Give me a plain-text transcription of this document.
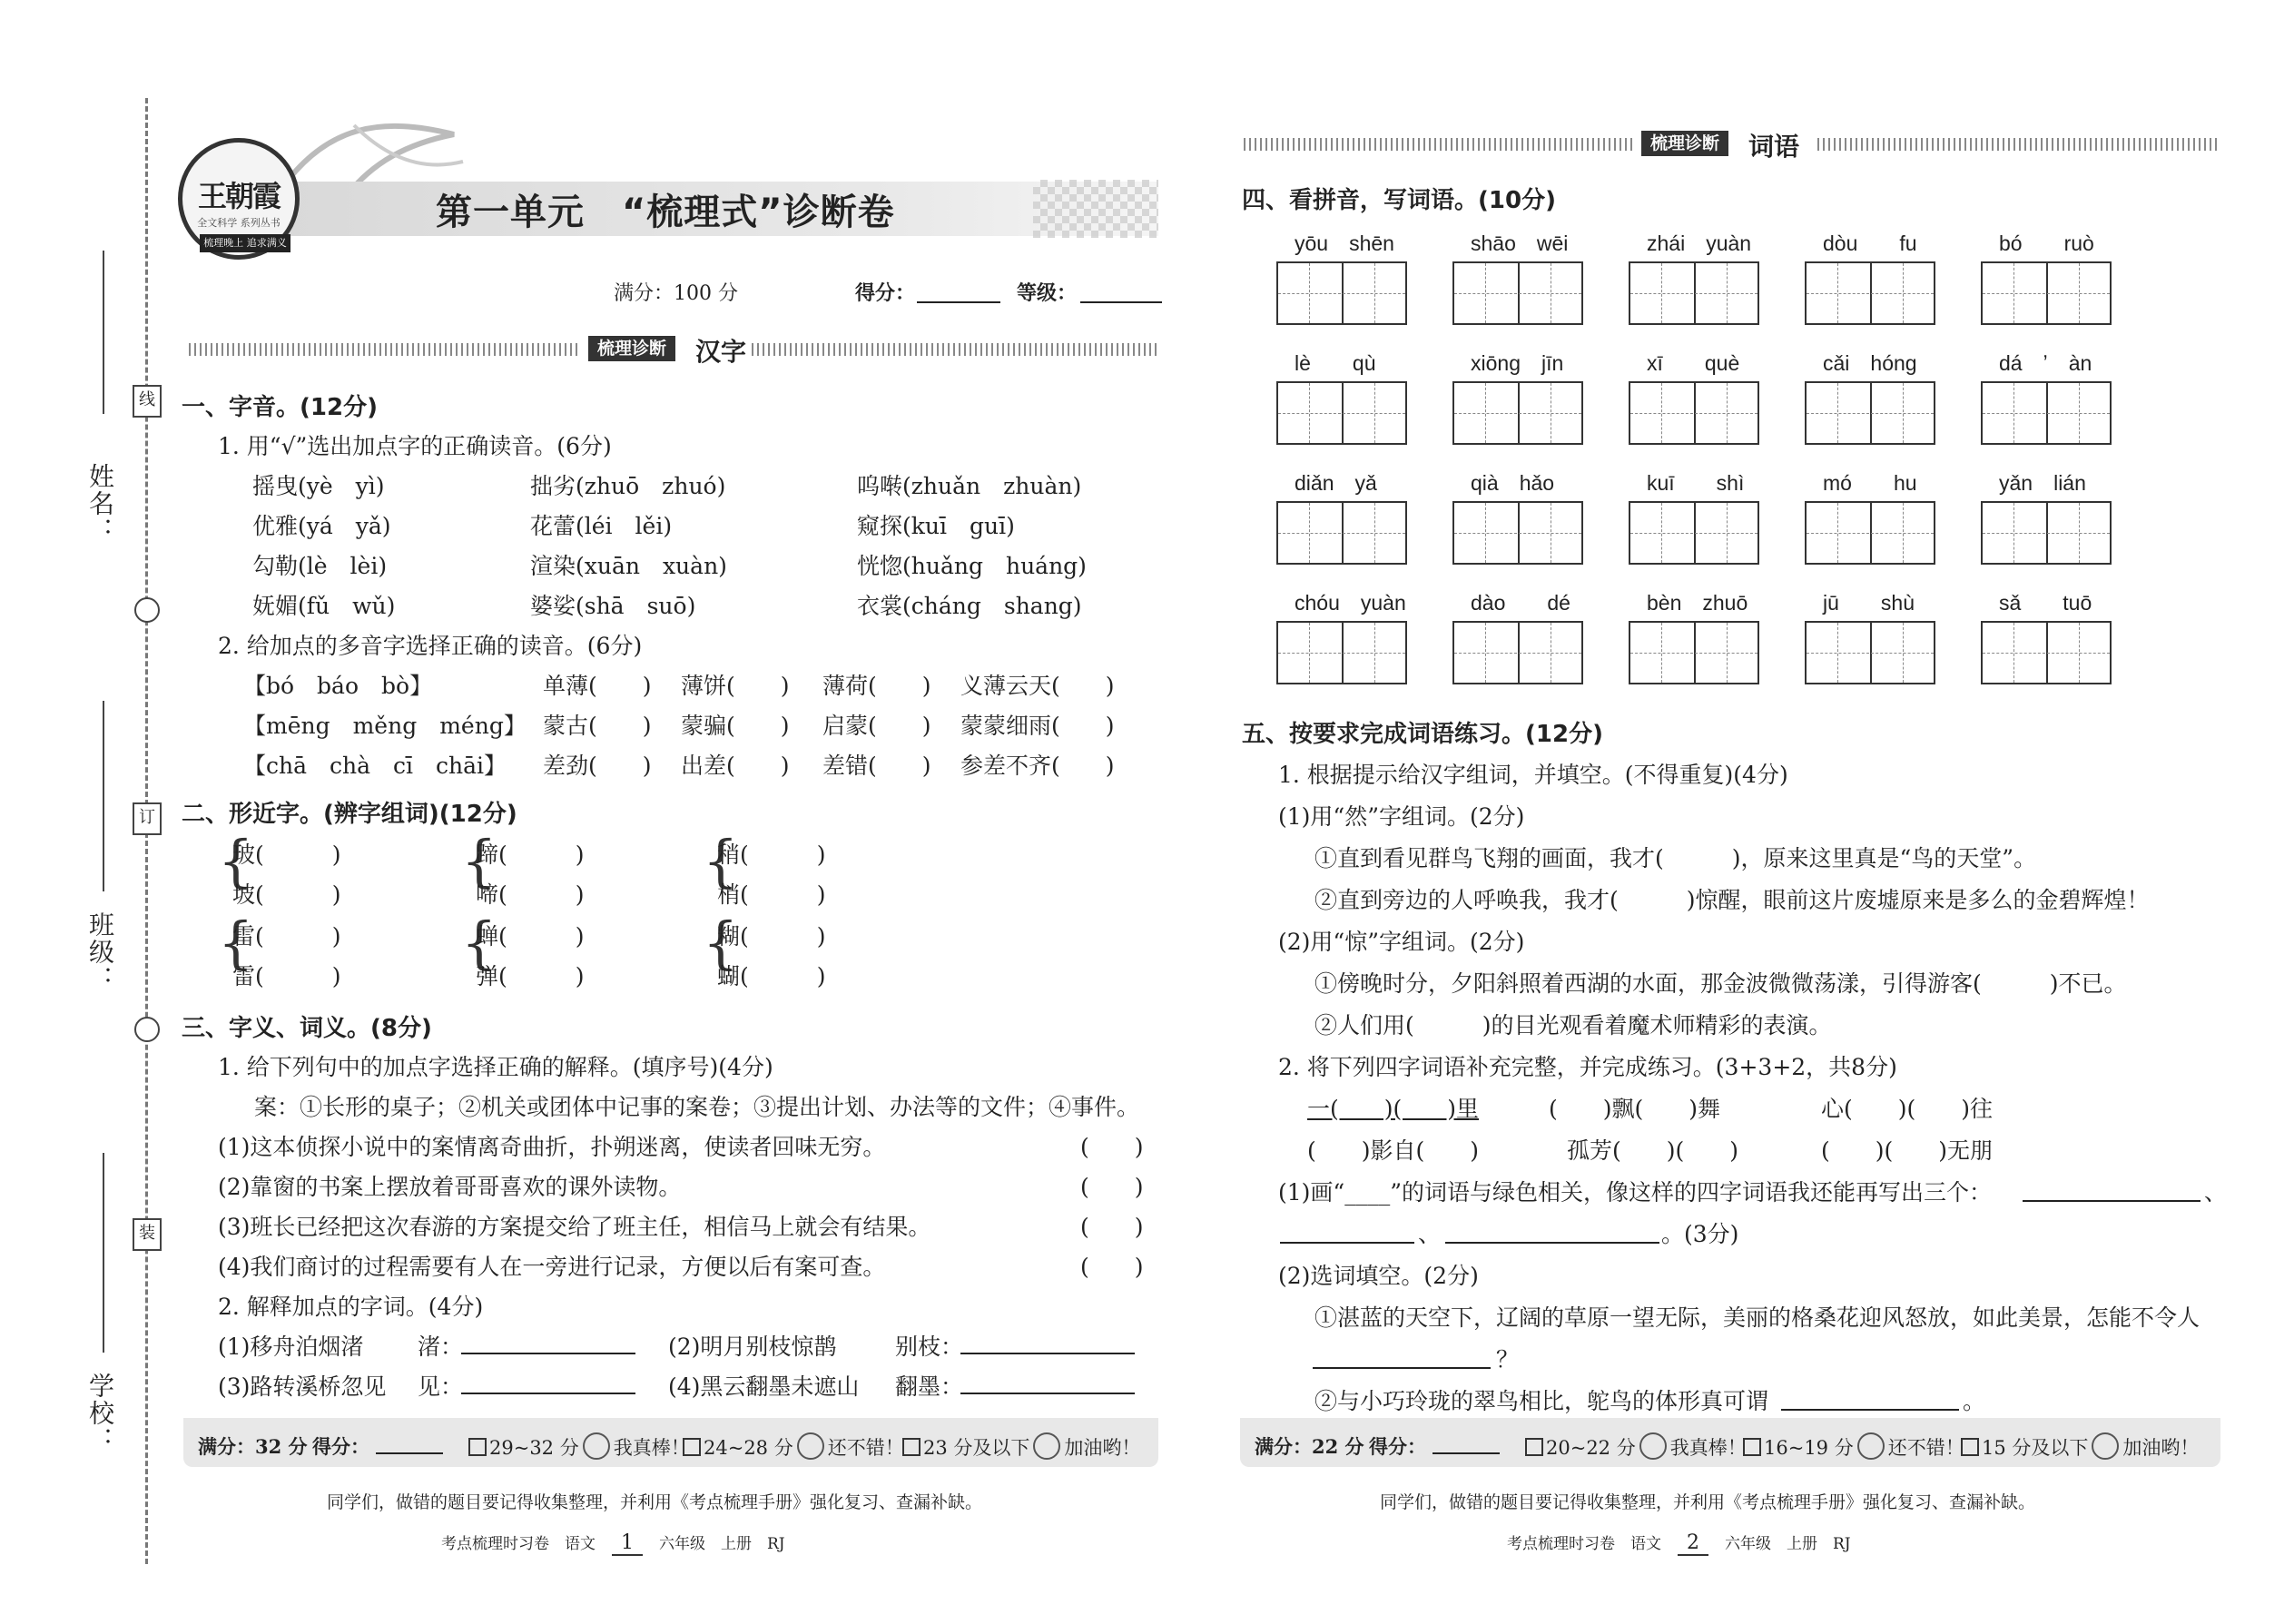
姓名：
班级：
学校：
线
订
装
王朝霞
全文科学 系列丛书
梳理晚上 追求满义
第一单元　“梳理式”诊断卷
满分：100 分	得分：	等级：
梳理诊断	汉字
一、字音。(12分)
1. 用“√”选出加点字的正确读音。(6分)
摇曳(yè　yì)	拙劣(zhuō　zhuó)	呜啭(zhuǎn　zhuàn)
优雅(yá　yǎ)	花蕾(léi　lěi)	窥探(kuī　guī)
勾勒(lè　lèi)	渲染(xuān　xuàn)	恍惚(huǎng　huáng)
妩媚(fǔ　wǔ)	婆娑(shā　suō)	衣裳(cháng　shang)
2. 给加点的多音字选择正确的读音。(6分)
【bó　báo　bò】	单薄(　　) 薄饼(　　) 薄荷(　　) 义薄云天(　　)
【mēng　měng　méng】 蒙古(　　) 蒙骗(　　) 启蒙(　　) 蒙蒙细雨(　　)
【chā　chà　cī　chāi】 差劲(　　) 出差(　　) 差错(　　) 参差不齐(　　)
二、形近字。(辨字组词)(12分)
{
玻(　　　)
坡(　　　)
{
蹄(　　　)
啼(　　　)
{
稍(　　　)
梢(　　　)
{
雷(　　　)
雷(　　　)
{
蝉(　　　)
弹(　　　)
{
糊(　　　)
蝴(　　　)
三、字义、词义。(8分)
1. 给下列句中的加点字选择正确的解释。(填序号)(4分)
案：①长形的桌子；②机关或团体中记事的案卷；③提出计划、办法等的文件；④事件。
(1)这本侦探小说中的案情离奇曲折，扑朔迷离，使读者回味无穷。	(　　)
(2)靠窗的书案上摆放着哥哥喜欢的课外读物。	(　　)
(3)班长已经把这次春游的方案提交给了班主任，相信马上就会有结果。	(　　)
(4)我们商讨的过程需要有人在一旁进行记录，方便以后有案可查。	(　　)
2. 解释加点的字词。(4分)
(1)移舟泊烟渚 渚：	(2)明月别枝惊鹊	别枝：
(3)路转溪桥忽见 见：	(4)黑云翻墨未遮山 翻墨：
满分：32 分 得分：	29~32 分 我真棒！ 24~28 分 还不错！	23 分及以下 加油哟！
同学们，做错的题目要记得收集整理，并利用《考点梳理手册》强化复习、查漏补缺。
考点梳理时习卷　语文 1 六年级　上册　RJ
梳理诊断	词语
四、看拼音，写词语。(10分)
yōu　shēn	shāo　wēi	zhái　yuàn	dòu　　fu	bó　　ruò
lè　　qù	xiōng　jīn	xī　　què	cǎi　hóng	dá　ʼ　àn
diǎn　yǎ	qià　hǎo	kuī　　shì	mó　　hu	yǎn　lián
chóu　yuàn	dào　　dé	bèn　zhuō	jū　　shù	sǎ　　tuō
五、按要求完成词语练习。(12分)
1. 根据提示给汉字组词，并填空。(不得重复)(4分)
(1)用“然”字组词。(2分)
①直到看见群鸟飞翔的画面，我才(　　　)，原来这里真是“鸟的天堂”。
②直到旁边的人呼唤我，我才(　　　)惊醒，眼前这片废墟原来是多么的金碧辉煌！
(2)用“惊”字组词。(2分)
①傍晚时分，夕阳斜照着西湖的水面，那金波微微荡漾，引得游客(　　　)不已。
②人们用(　　　)的目光观看着魔术师精彩的表演。
2. 将下列四字词语补充完整，并完成练习。(3+3+2，共8分)
一(　　)(　　)里	(　　)飘(　　)舞	心(　　)(　　)往
(　　)影自(　　)	孤芳(　　)(　　)	(　　)(　　)无朋
(1)画“____”的词语与绿色相关，像这样的四字词语我还能再写出三个：	、
、	。(3分)
(2)选词填空。(2分)
①湛蓝的天空下，辽阔的草原一望无际，美丽的格桑花迎风怒放，如此美景，怎能不令人
？
②与小巧玲珑的翠鸟相比，鸵鸟的体形真可谓	。
满分：22 分 得分：	20~22 分 我真棒！ 16~19 分 还不错！ 15 分及以下 加油哟！
同学们，做错的题目要记得收集整理，并利用《考点梳理手册》强化复习、查漏补缺。
考点梳理时习卷　语文 2 六年级　上册　RJ
